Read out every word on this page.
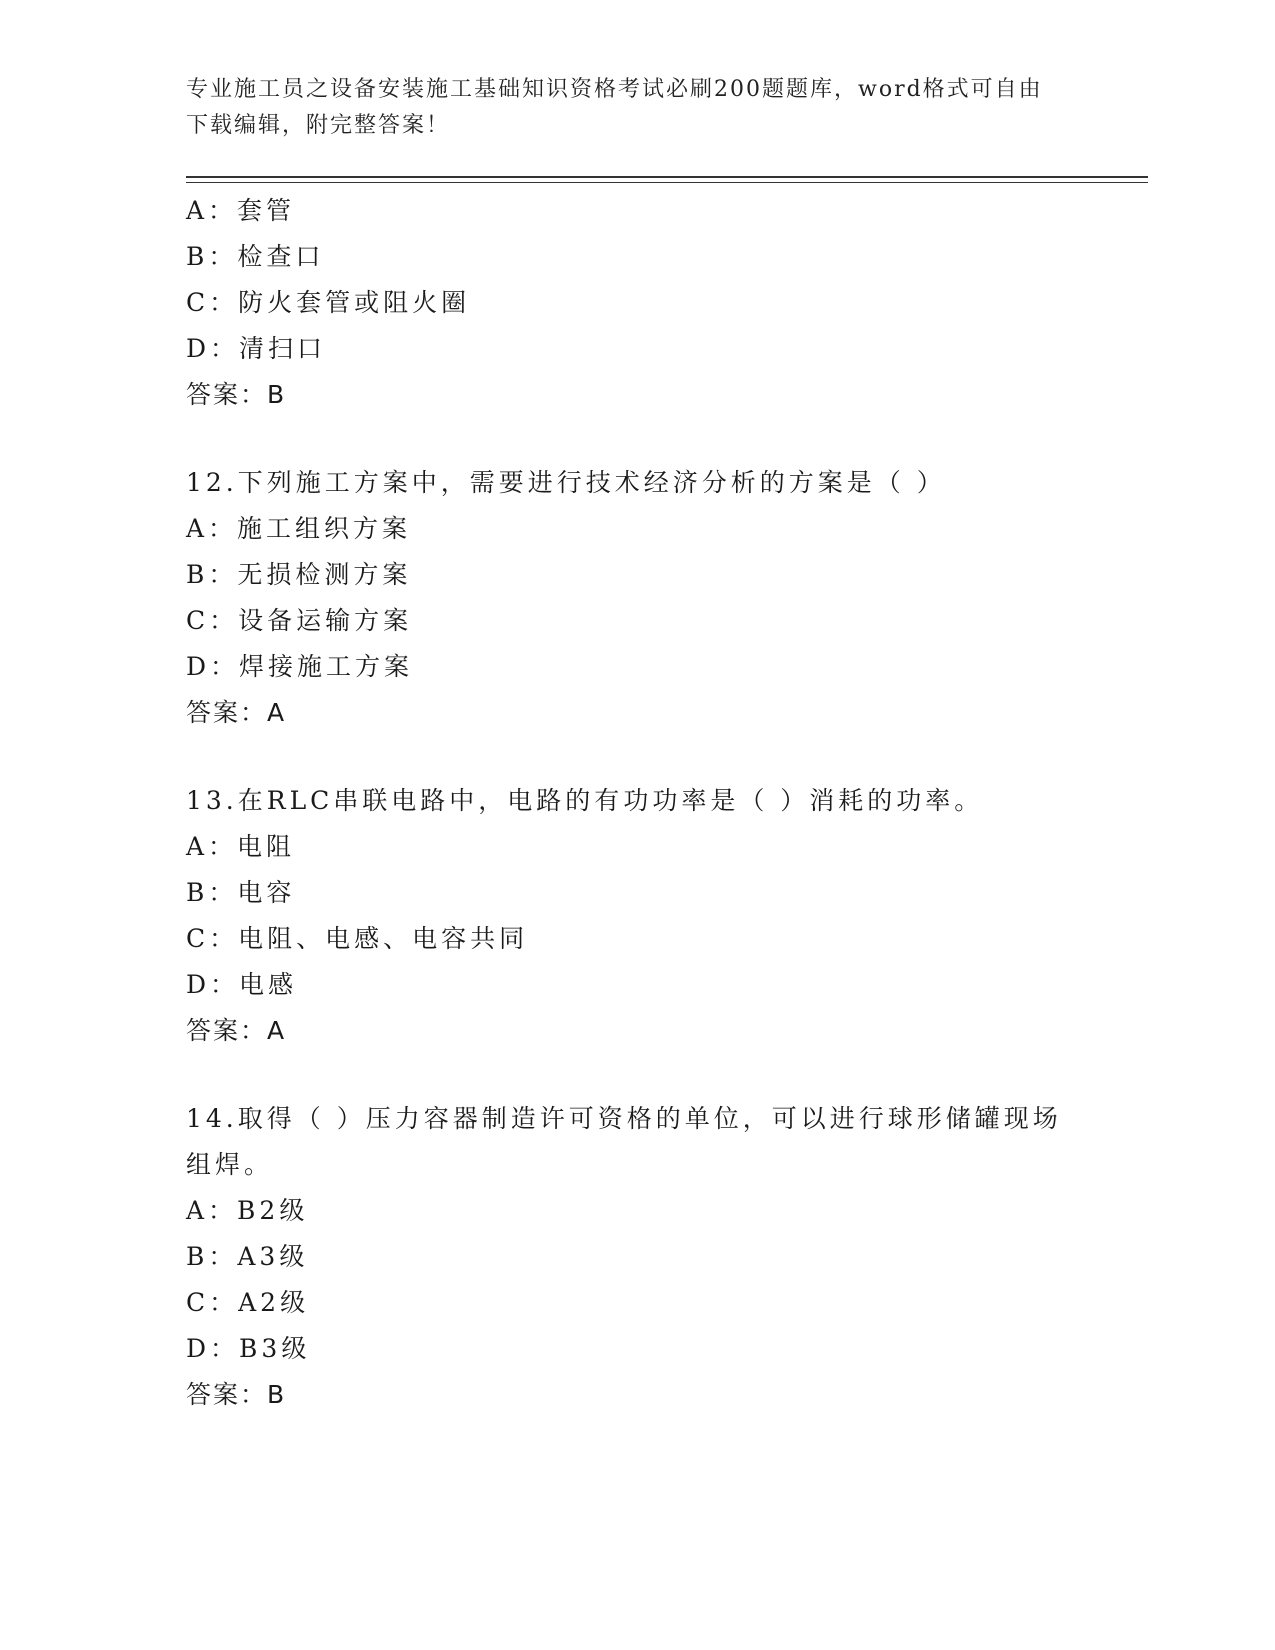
专业施工员之设备安装施工基础知识资格考试必刷200题题库，word格式可自由下载编辑，附完整答案！
A：套管
B：检查口
C：防火套管或阻火圈
D：清扫口
答案：B
12.下列施工方案中，需要进行技术经济分析的方案是（ ）
A：施工组织方案
B：无损检测方案
C：设备运输方案
D：焊接施工方案
答案：A
13.在RLC串联电路中，电路的有功功率是（ ）消耗的功率。
A：电阻
B：电容
C：电阻、电感、电容共同
D：电感
答案：A
14.取得（ ）压力容器制造许可资格的单位，可以进行球形储罐现场组焊。
A：B2级
B：A3级
C：A2级
D：B3级
答案：B
